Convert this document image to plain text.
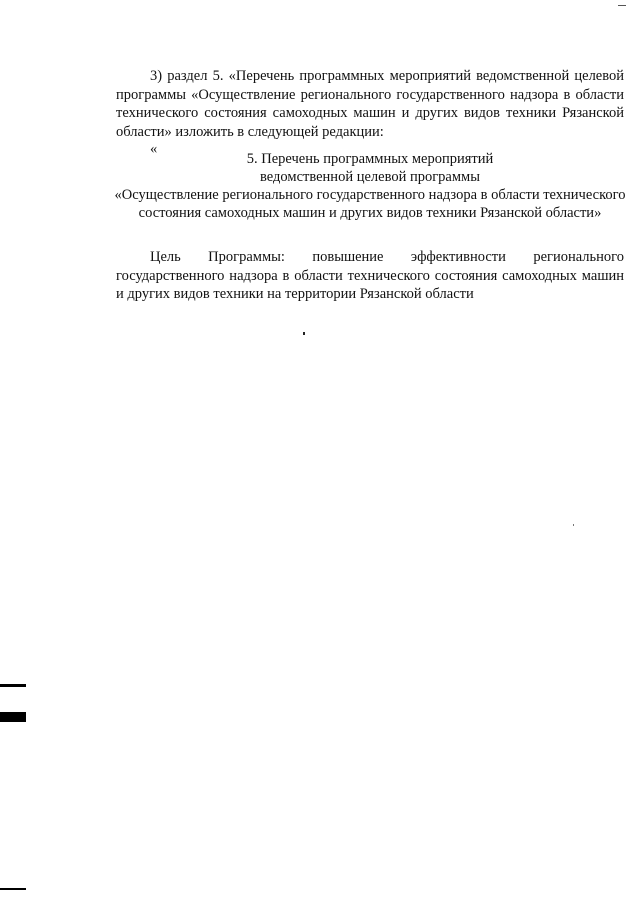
3) раздел 5. «Перечень программных мероприятий ведомственной целевой программы «Осуществление регионального государственного надзора в области технического состояния самоходных машин и других видов техники Рязанской области» изложить в следующей редакции:

«
5. Перечень программных мероприятий
ведомственной целевой программы
«Осуществление регионального государственного надзора в области технического состояния самоходных машин и других видов техники Рязанской области»

Цель Программы: повышение эффективности регионального государственного надзора в области технического состояния самоходных машин и других видов техники на территории Рязанской области
